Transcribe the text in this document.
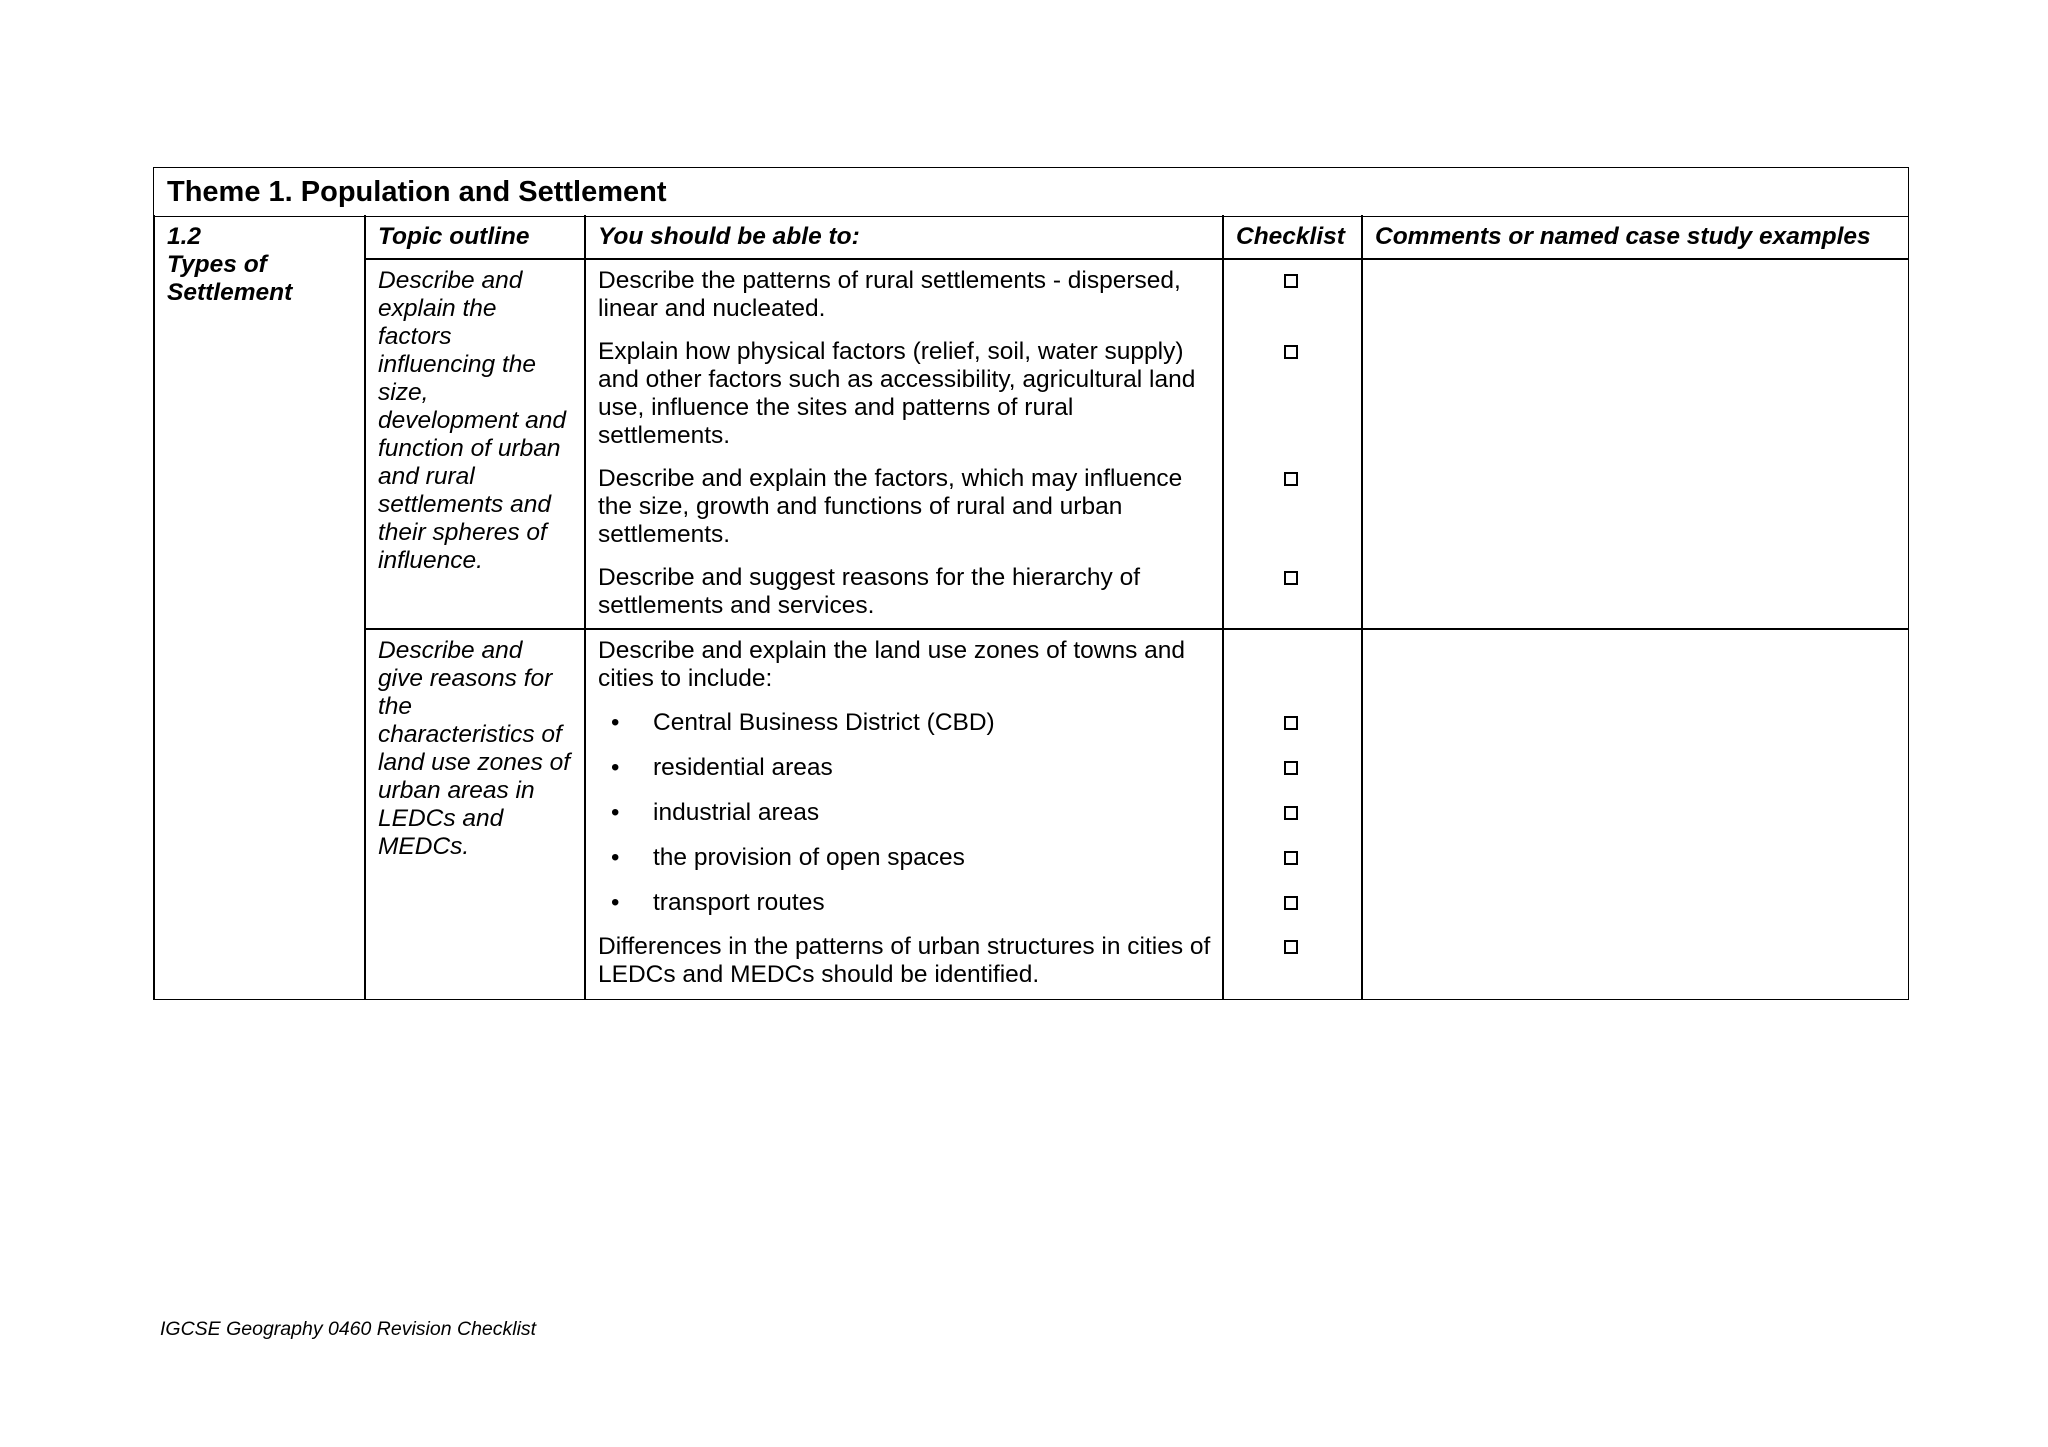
Theme 1. Population and Settlement
1.2
Types of
Settlement
Topic outline	You should be able to:	Checklist Comments or named case study examples
Describe and
explain the
factors
influencing the
size,
development and
function of urban
and rural
settlements and
their spheres of
influence.
Describe the patterns of rural settlements - dispersed,
linear and nucleated.
Explain how physical factors (relief, soil, water supply)
and other factors such as accessibility, agricultural land
use, influence the sites and patterns of rural
settlements.
Describe and explain the factors, which may influence
the size, growth and functions of rural and urban
settlements.
Describe and suggest reasons for the hierarchy of
settlements and services.
Describe and
give reasons for
the
characteristics of
land use zones of
urban areas in
LEDCs and
MEDCs.
Describe and explain the land use zones of towns and
cities to include:
• Central Business District (CBD)
• residential areas
• industrial areas
• the provision of open spaces
• transport routes
Differences in the patterns of urban structures in cities of
LEDCs and MEDCs should be identified.
IGCSE Geography 0460 Revision Checklist
